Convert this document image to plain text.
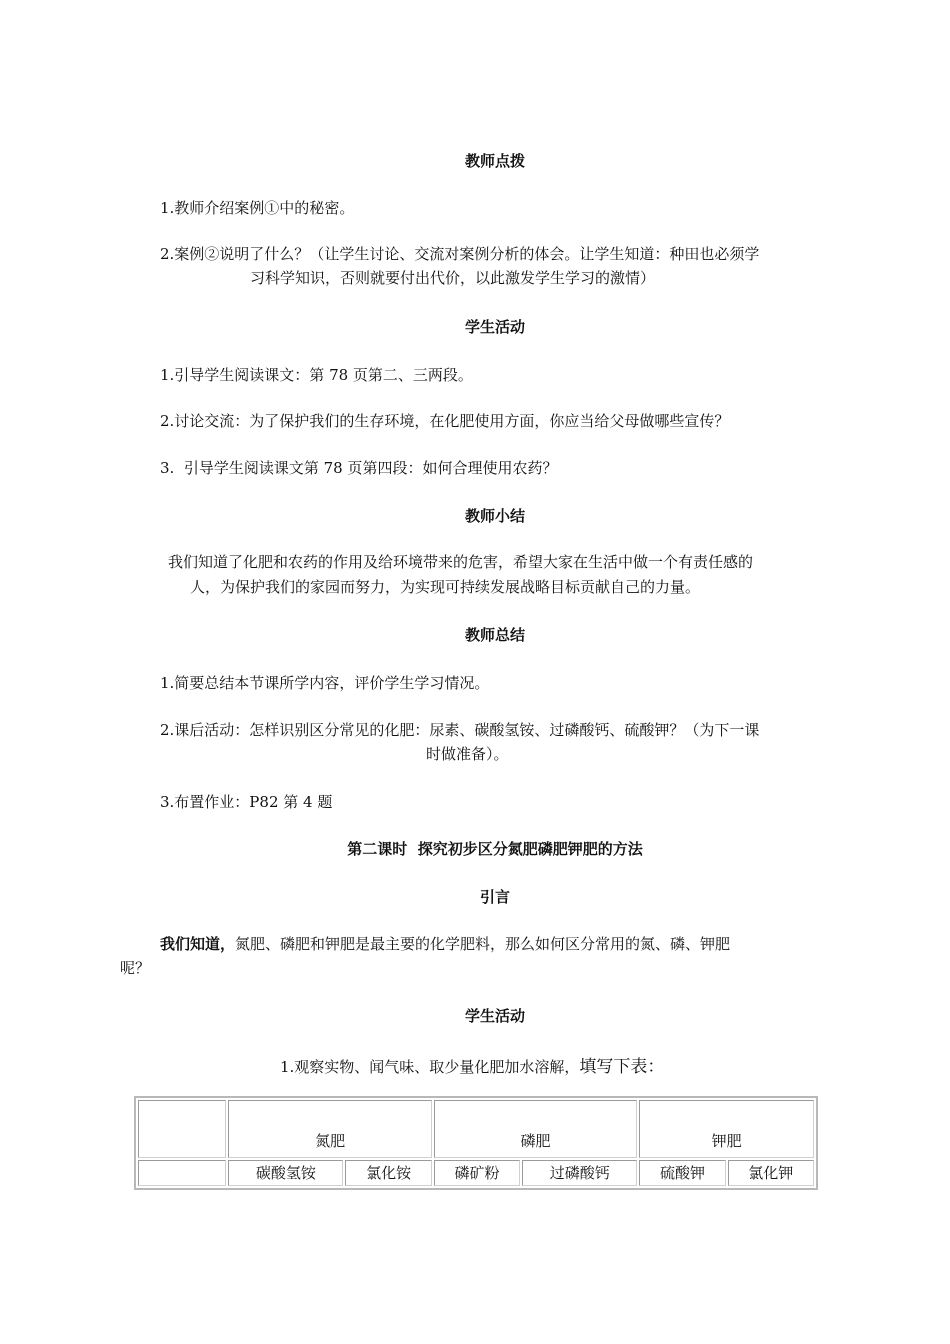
教师点拨
1.教师介绍案例①中的秘密。
2.案例②说明了什么？（让学生讨论、交流对案例分析的体会。让学生知道：种田也必须学
习科学知识，否则就要付出代价，以此激发学生学习的激情）
学生活动
1.引导学生阅读课文：第 78 页第二、三两段。
2.讨论交流：为了保护我们的生存环境，在化肥使用方面，你应当给父母做哪些宣传？
3.  引导学生阅读课文第 78 页第四段：如何合理使用农药？
教师小结
我们知道了化肥和农药的作用及给环境带来的危害，希望大家在生活中做一个有责任感的
人，为保护我们的家园而努力，为实现可持续发展战略目标贡献自己的力量。
教师总结
1.简要总结本节课所学内容，评价学生学习情况。
2.课后活动：怎样识别区分常见的化肥：尿素、碳酸氢铵、过磷酸钙、硫酸钾？（为下一课
时做准备）。
3.布置作业：P82 第 4 题
第二课时  探究初步区分氮肥磷肥钾肥的方法
引言
我们知道，氮肥、磷肥和钾肥是最主要的化学肥料，那么如何区分常用的氮、磷、钾肥
呢？
学生活动
1.观察实物、闻气味、取少量化肥加水溶解，填写下表：
	氮肥		磷肥		钾肥	
	碳酸氢铵	氯化铵	磷矿粉	过磷酸钙	硫酸钾	氯化钾
